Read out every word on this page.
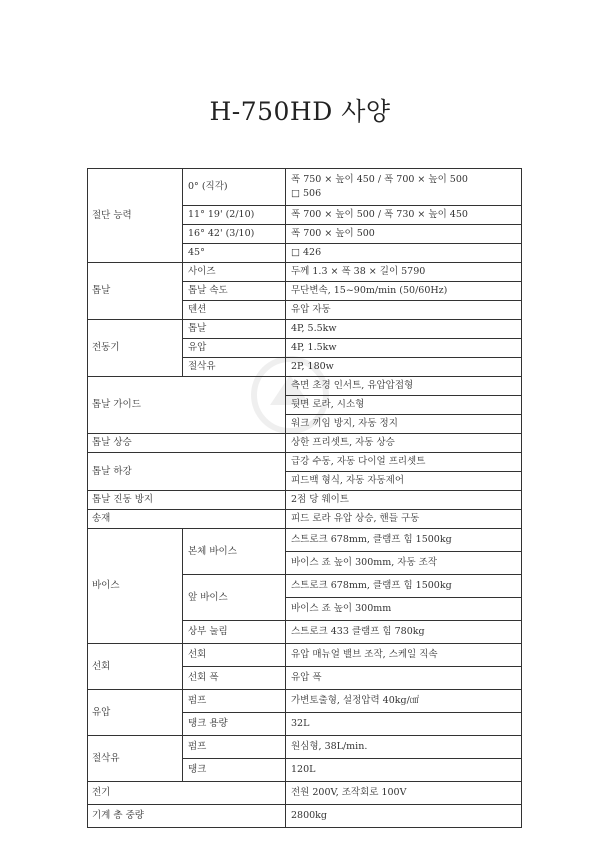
H-750HD 사양
절단 능력	0° (직각)	폭 750 × 높이 450 / 폭 700 × 높이 500
□ 506

	11° 19' (2/10)	폭 700 × 높이 500 / 폭 730 × 높이 450
	16° 42' (3/10)	폭 700 × 높이 500
	45°	□ 426
톱날	사이즈	두께 1.3 × 폭 38 × 길이 5790
	톱날 속도	무단변속, 15~90m/min (50/60Hz)
	텐션	유압 자동
전동기	톱날	4P, 5.5kw
	유압	4P, 1.5kw
	절삭유	2P, 180w
톱날 가이드		측면 초경 인서트, 유압압접형
		뒷면 로라, 시소형
		워크 끼임 방지, 자동 정지
톱날 상승		상한 프리셋트, 자동 상승
톱날 하강		급강 수동, 자동 다이얼 프리셋트
		피드백 형식, 자동 자동제어
톱날 진동 방지		2점 당 웨이트
송재		피드 로라 유압 상승, 핸들 구동
바이스	본체 바이스	스트로크 678mm, 클램프 힘 1500kg
		바이스 죠 높이 300mm, 자동 조작
	앞 바이스	스트로크 678mm, 클램프 힘 1500kg
		바이스 죠 높이 300mm
	상부 눌림	스트로크 433 클램프 힘 780kg
선회	선회	유압 매뉴얼 밸브 조작, 스케일 직속
	선회 폭	유압 폭
유압	펌프	가변토출형, 설정압력 40kg/㎠
	탱크 용량	32L
절삭유	펌프	원심형, 38L/min.
	탱크	120L
전기		전원 200V, 조작회로 100V
기계 총 중량		2800kg
